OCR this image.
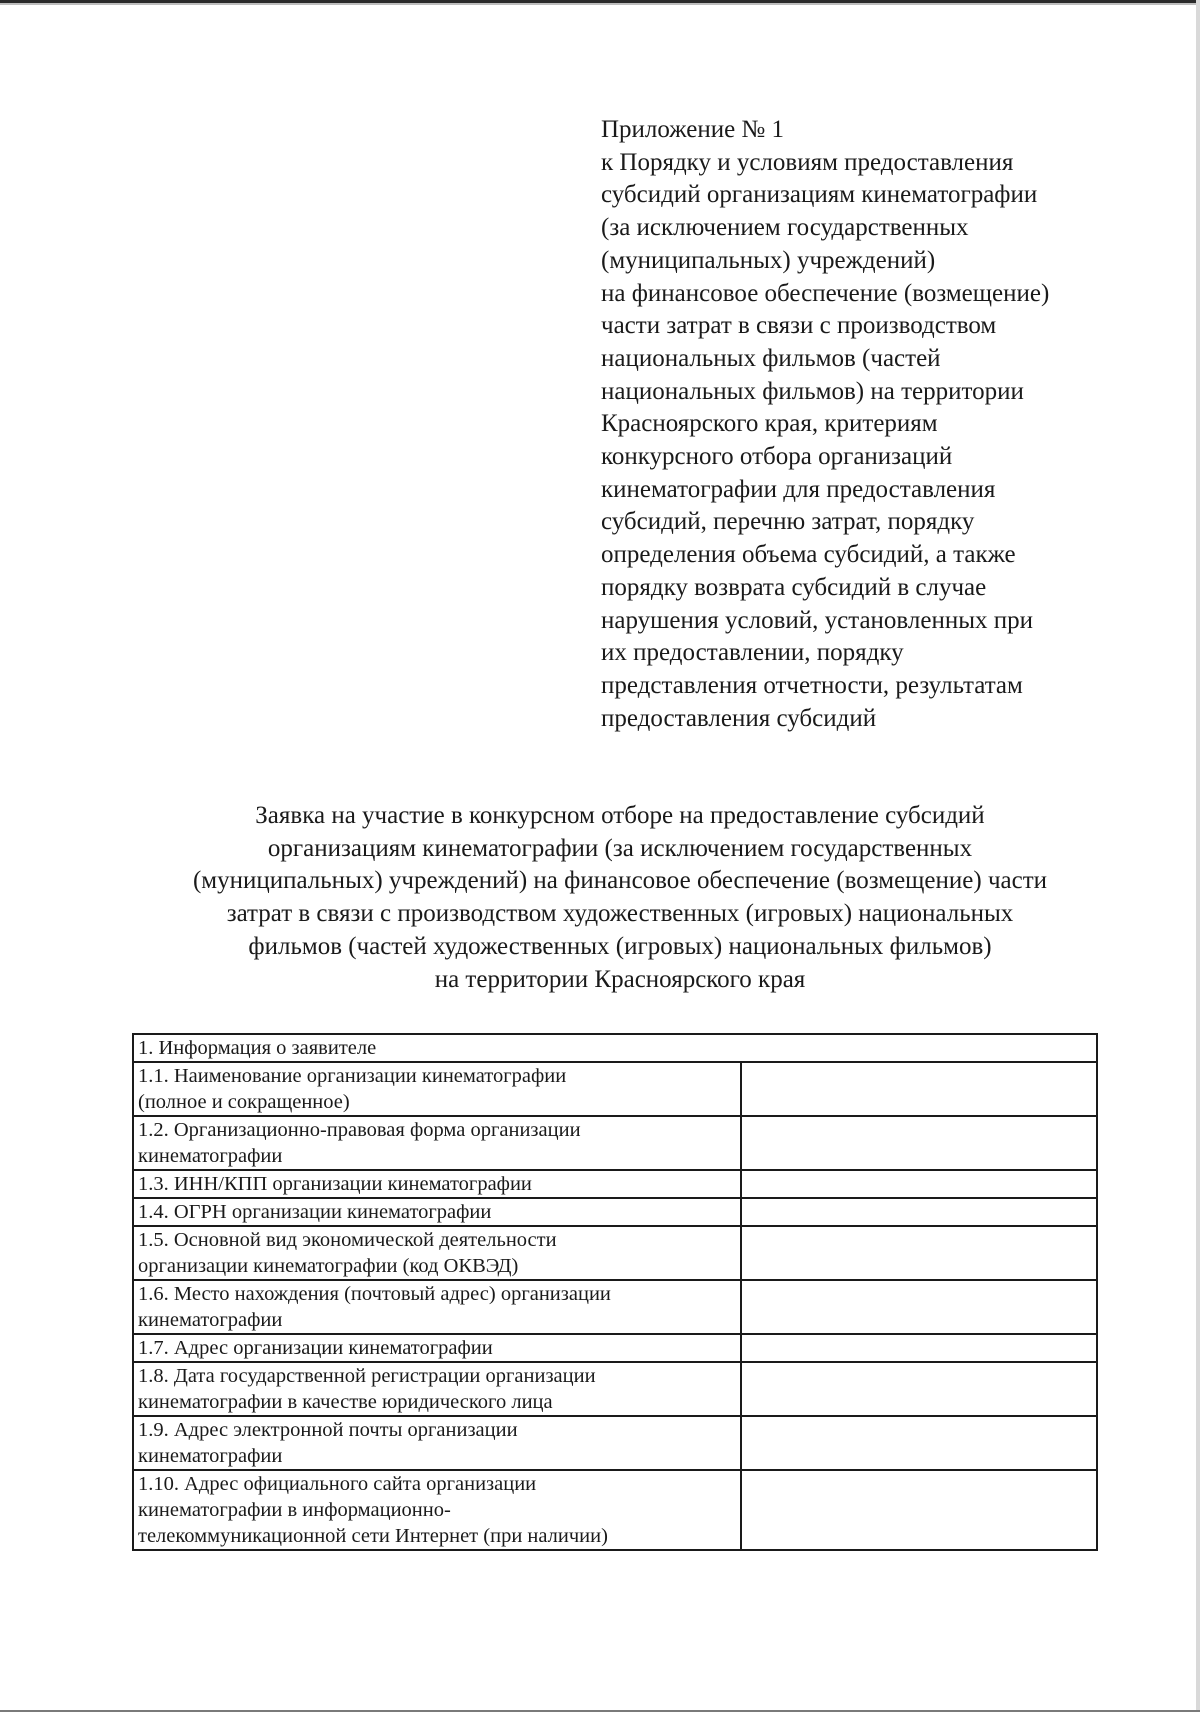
Приложение № 1
к Порядку и условиям предоставления
субсидий организациям кинематографии
(за исключением государственных
(муниципальных) учреждений)
на финансовое обеспечение (возмещение)
части затрат в связи с производством
национальных фильмов (частей
национальных фильмов) на территории
Красноярского края, критериям
конкурсного отбора организаций
кинематографии для предоставления
субсидий, перечню затрат, порядку
определения объема субсидий, а также
порядку возврата субсидий в случае
нарушения условий, установленных при
их предоставлении, порядку
представления отчетности, результатам
предоставления субсидий
Заявка на участие в конкурсном отборе на предоставление субсидий
организациям кинематографии (за исключением государственных
(муниципальных) учреждений) на финансовое обеспечение (возмещение) части
затрат в связи с производством художественных (игровых) национальных
фильмов (частей художественных (игровых) национальных фильмов)
на территории Красноярского края
1. Информация о заявителе	

1.1. Наименование организации кинематографии
(полное и сокращенное)	

1.2. Организационно-правовая форма организации
кинематографии	

1.3. ИНН/КПП организации кинематографии	

1.4. ОГРН организации кинематографии	

1.5. Основной вид экономической деятельности
организации кинематографии (код ОКВЭД)	

1.6. Место нахождения (почтовый адрес) организации
кинематографии	

1.7. Адрес организации кинематографии	

1.8. Дата государственной регистрации организации
кинематографии в качестве юридического лица	

1.9. Адрес электронной почты организации
кинематографии	

1.10. Адрес официального сайта организации
кинематографии в информационно-
телекоммуникационной сети Интернет (при наличии)	
